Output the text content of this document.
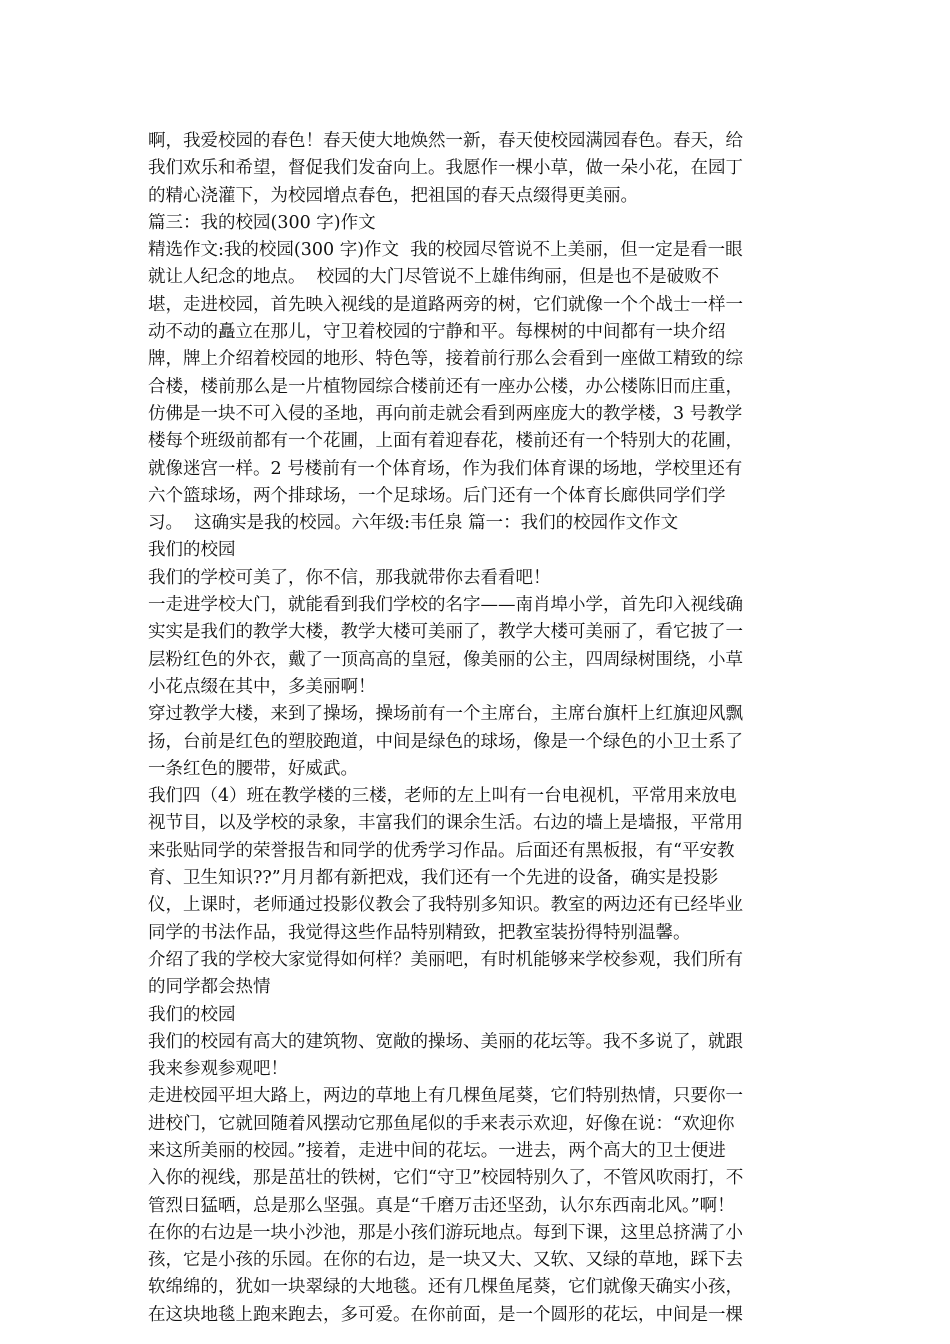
啊，我爱校园的春色！春天使大地焕然一新，春天使校园满园春色。春天，给
我们欢乐和希望，督促我们发奋向上。我愿作一棵小草，做一朵小花，在园丁
的精心浇灌下，为校园增点春色，把祖国的春天点缀得更美丽。
篇三：我的校园(300 字)作文
精选作文:我的校园(300 字)作文  我的校园尽管说不上美丽，但一定是看一眼
就让人纪念的地点。  校园的大门尽管说不上雄伟绚丽，但是也不是破败不
堪，走进校园，首先映入视线的是道路两旁的树，它们就像一个个战士一样一
动不动的矗立在那儿，守卫着校园的宁静和平。每棵树的中间都有一块介绍
牌，牌上介绍着校园的地形、特色等，接着前行那么会看到一座做工精致的综
合楼，楼前那么是一片植物园综合楼前还有一座办公楼，办公楼陈旧而庄重，
仿佛是一块不可入侵的圣地，再向前走就会看到两座庞大的教学楼，3 号教学
楼每个班级前都有一个花圃，上面有着迎春花，楼前还有一个特别大的花圃，
就像迷宫一样。2 号楼前有一个体育场，作为我们体育课的场地，学校里还有
六个篮球场，两个排球场，一个足球场。后门还有一个体育长廊供同学们学
习。  这确实是我的校园。六年级:韦任泉 篇一：我们的校园作文作文
我们的校园
我们的学校可美了，你不信，那我就带你去看看吧！
一走进学校大门，就能看到我们学校的名字——南肖埠小学，首先印入视线确
实实是我们的教学大楼，教学大楼可美丽了，教学大楼可美丽了，看它披了一
层粉红色的外衣，戴了一顶高高的皇冠，像美丽的公主，四周绿树围绕，小草
小花点缀在其中，多美丽啊！
穿过教学大楼，来到了操场，操场前有一个主席台，主席台旗杆上红旗迎风飘
扬，台前是红色的塑胶跑道，中间是绿色的球场，像是一个绿色的小卫士系了
一条红色的腰带，好威武。
我们四（4）班在教学楼的三楼，老师的左上叫有一台电视机，平常用来放电
视节目，以及学校的录象，丰富我们的课余生活。右边的墙上是墙报，平常用
来张贴同学的荣誉报告和同学的优秀学习作品。后面还有黑板报，有“平安教
育、卫生知识??”月月都有新把戏，我们还有一个先进的设备，确实是投影
仪，上课时，老师通过投影仪教会了我特别多知识。教室的两边还有已经毕业
同学的书法作品，我觉得这些作品特别精致，把教室装扮得特别温馨。
介绍了我的学校大家觉得如何样？美丽吧，有时机能够来学校参观，我们所有
的同学都会热情
我们的校园
我们的校园有高大的建筑物、宽敞的操场、美丽的花坛等。我不多说了，就跟
我来参观参观吧！
走进校园平坦大路上，两边的草地上有几棵鱼尾葵，它们特别热情，只要你一
进校门，它就回随着风摆动它那鱼尾似的手来表示欢迎，好像在说：“欢迎你
来这所美丽的校园。”接着，走进中间的花坛。一进去，两个高大的卫士便进
入你的视线，那是茁壮的铁树，它们“守卫”校园特别久了，不管风吹雨打，不
管烈日猛晒，总是那么坚强。真是“千磨万击还坚劲，认尔东西南北风。”啊！
在你的右边是一块小沙池，那是小孩们游玩地点。每到下课，这里总挤满了小
孩，它是小孩的乐园。在你的右边，是一块又大、又软、又绿的草地，踩下去
软绵绵的，犹如一块翠绿的大地毯。还有几棵鱼尾葵，它们就像天确实小孩，
在这块地毯上跑来跑去，多可爱。在你前面，是一个圆形的花坛，中间是一棵
